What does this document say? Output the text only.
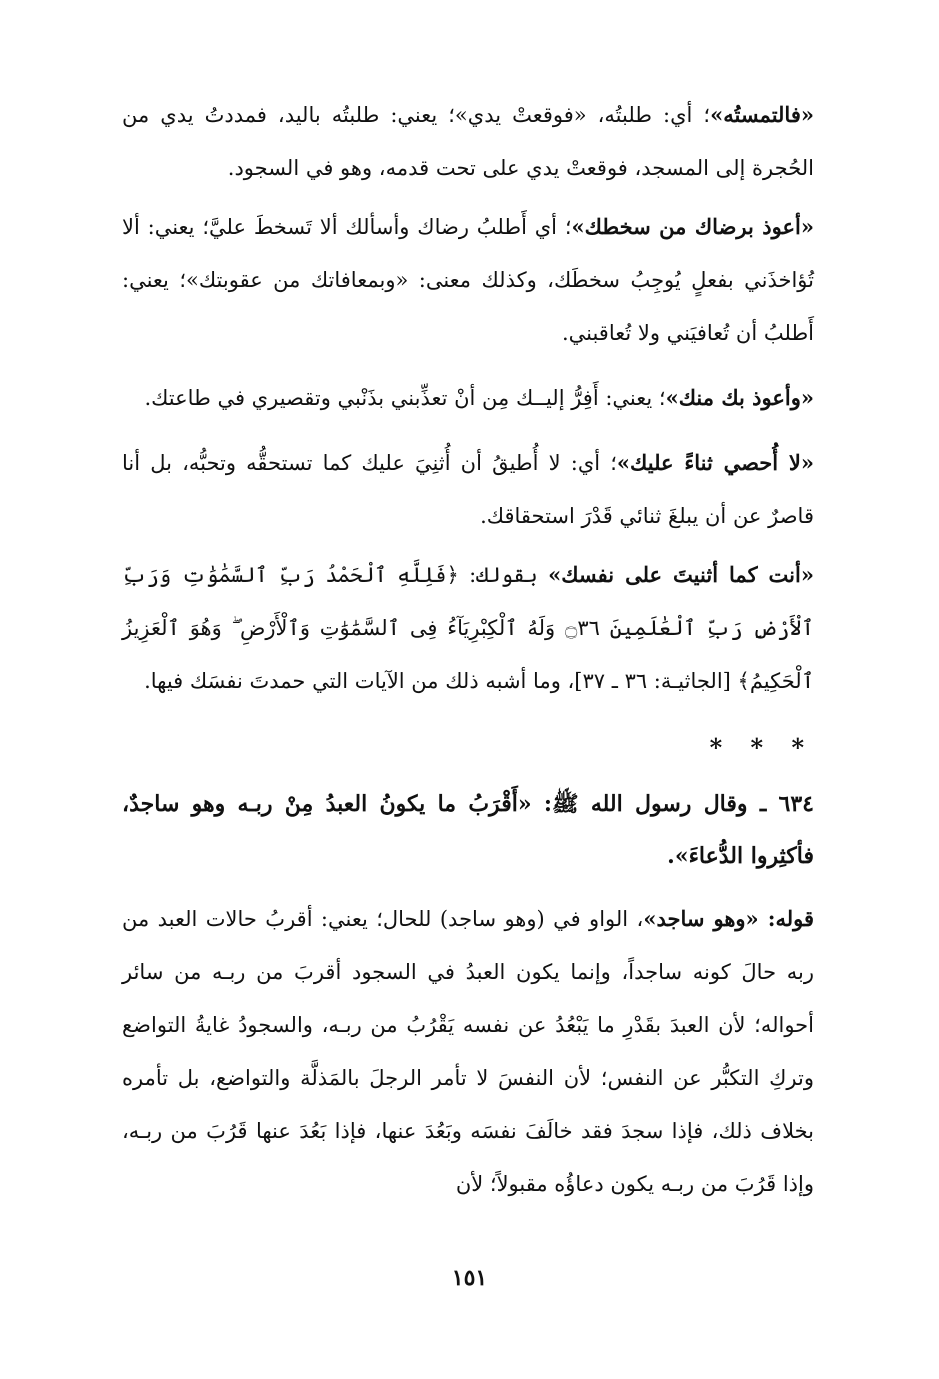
«فالتمستُه»؛ أي: طلبتُه، «فوقعتْ يدي»؛ يعني: طلبتُه باليد، فمددتُ يدي من الحُجرة إلى المسجد، فوقعتْ يدي على تحت قدمه، وهو في السجود.

«أعوذ برضاك من سخطك»؛ أي أَطلبُ رضاك وأسألك ألا تَسخطَ عليَّ؛ يعني: ألا تُؤاخذَني بفعلٍ يُوجِبُ سخطَك، وكذلك معنى: «وبمعافاتك من عقوبتك»؛ يعني: أَطلبُ أن تُعافيَني ولا تُعاقبني.

«وأعوذ بك منك»؛ يعني: أَفِرُّ إليــك مِن أنْ تعذِّبني بذَنْبي وتقصيري في طاعتك.

«لا أُحصي ثناءً عليك»؛ أي: لا أُطيقُ أن أُثنِيَ عليك كما تستحقُّه وتحبُّه، بل أنا قاصرٌ عن أن يبلغَ ثنائي قَدْرَ استحقاقك.

«أنت كما أثنيتَ على نفسك» بقولك: ﴿فَلِلَّهِ ٱلْحَمْدُ رَبِّ ٱلسَّمَٰوَٰتِ وَرَبِّ ٱلْأَرْضِ رَبِّ ٱلْعَٰلَمِينَ ۝٣٦ وَلَهُ ٱلْكِبْرِيَآءُ فِى ٱلسَّمَٰوَٰتِ وَٱلْأَرْضِ ۖ وَهُوَ ٱلْعَزِيزُ ٱلْحَكِيمُ﴾ [الجاثيـة: ٣٦ ـ ٣٧]، وما أشبه ذلك من الآيات التي حمدتَ نفسَك فيها.

* * *

٦٣٤ ـ وقال رسول الله ﷺ: «أَقْرَبُ ما يكونُ العبدُ مِنْ ربـه وهو ساجدٌ، فأكثِروا الدُّعاءَ».

قوله: «وهو ساجد»، الواو في (وهو ساجد) للحال؛ يعني: أقربُ حالات العبد من ربه حالَ كونه ساجداً، وإنما يكون العبدُ في السجود أقربَ من ربـه من سائر أحواله؛ لأن العبدَ بقَدْرِ ما يَبْعُدُ عن نفسه يَقْرُبُ من ربـه، والسجودُ غايةُ التواضع وتركِ التكبُّر عن النفس؛ لأن النفسَ لا تأمر الرجلَ بالمَذلَّة والتواضع، بل تأمره بخلاف ذلك، فإذا سجدَ فقد خالَفَ نفسَه وبَعُدَ عنها، فإذا بَعُدَ عنها قَرُبَ من ربـه، وإذا قَرُبَ من ربـه يكون دعاؤُه مقبولاً؛ لأن

١٥١
